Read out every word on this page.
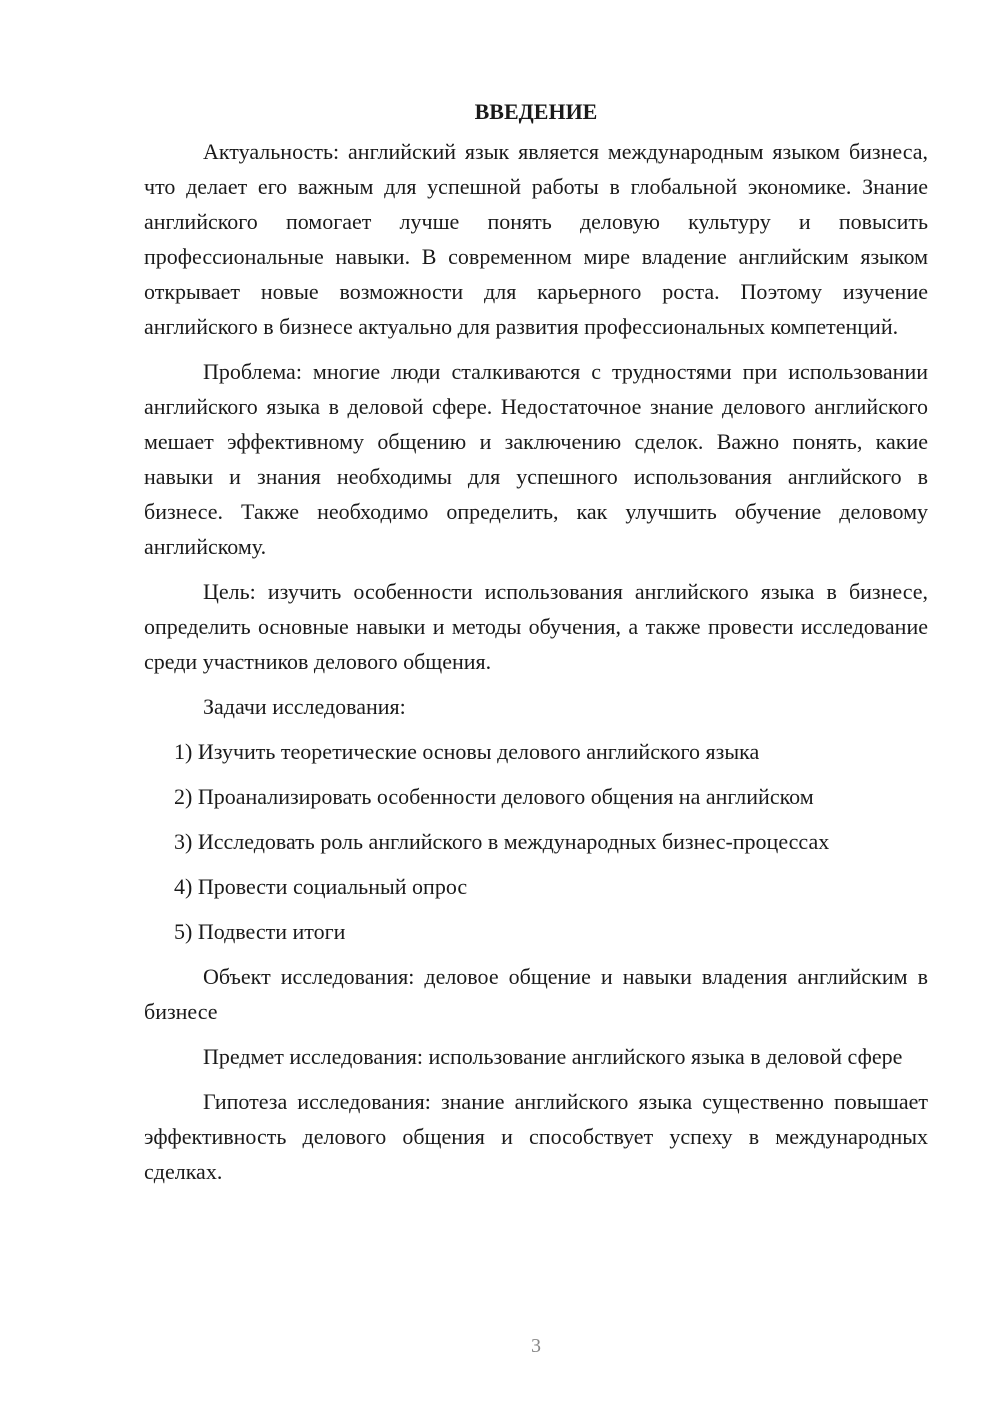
ВВЕДЕНИЕ

Актуальность: английский язык является международным языком бизнеса, что делает его важным для успешной работы в глобальной экономике. Знание английского помогает лучше понять деловую культуру и повысить профессиональные навыки. В современном мире владение английским языком открывает новые возможности для карьерного роста. Поэтому изучение английского в бизнесе актуально для развития профессиональных компетенций.

Проблема: многие люди сталкиваются с трудностями при использовании английского языка в деловой сфере. Недостаточное знание делового английского мешает эффективному общению и заключению сделок. Важно понять, какие навыки и знания необходимы для успешного использования английского в бизнесе. Также необходимо определить, как улучшить обучение деловому английскому.

Цель: изучить особенности использования английского языка в бизнесе, определить основные навыки и методы обучения, а также провести исследование среди участников делового общения.

Задачи исследования:

1) Изучить теоретические основы делового английского языка
2) Проанализировать особенности делового общения на английском
3) Исследовать роль английского в международных бизнес-процессах
4) Провести социальный опрос
5) Подвести итоги

Объект исследования: деловое общение и навыки владения английским в бизнесе

Предмет исследования: использование английского языка в деловой сфере

Гипотеза исследования: знание английского языка существенно повышает эффективность делового общения и способствует успеху в международных сделках.

3
